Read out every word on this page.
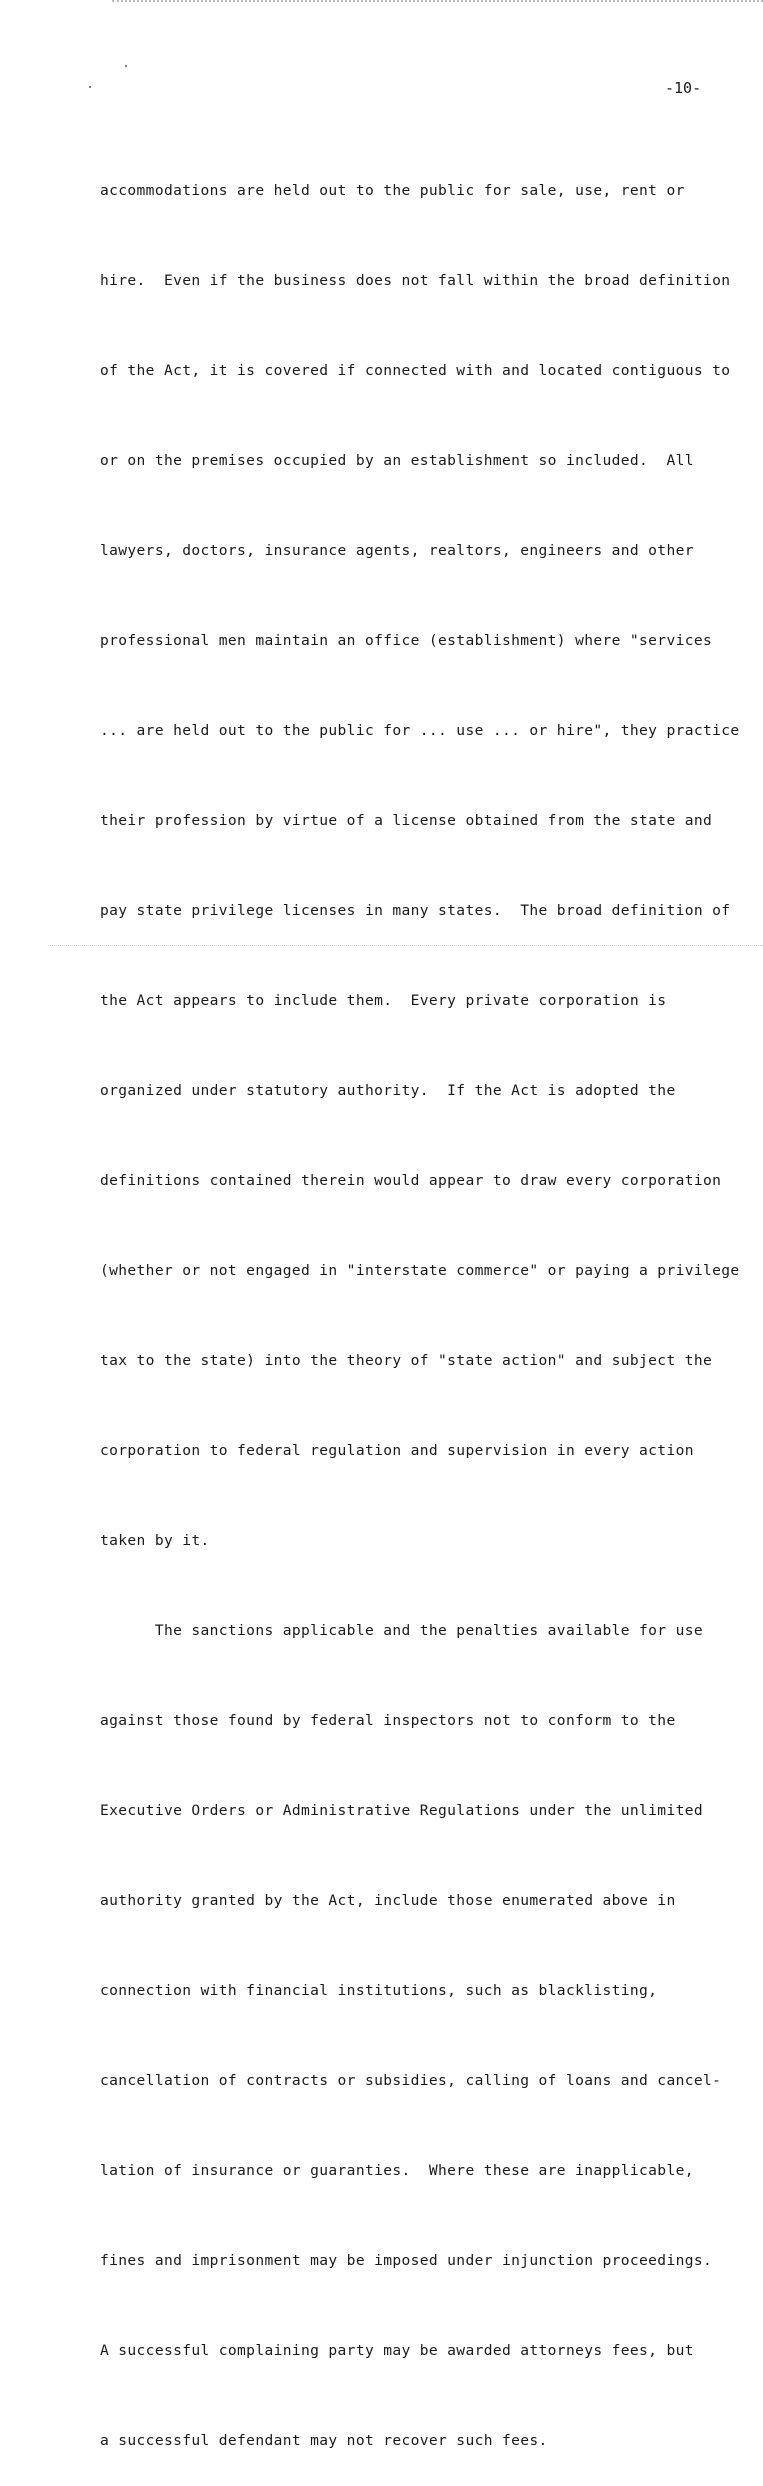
-10-

accommodations are held out to the public for sale, use, rent or

hire.  Even if the business does not fall within the broad definition

of the Act, it is covered if connected with and located contiguous to

or on the premises occupied by an establishment so included.  All

lawyers, doctors, insurance agents, realtors, engineers and other

professional men maintain an office (establishment) where "services

... are held out to the public for ... use ... or hire", they practice

their profession by virtue of a license obtained from the state and

pay state privilege licenses in many states.  The broad definition of

the Act appears to include them.  Every private corporation is

organized under statutory authority.  If the Act is adopted the

definitions contained therein would appear to draw every corporation

(whether or not engaged in "interstate commerce" or paying a privilege

tax to the state) into the theory of "state action" and subject the

corporation to federal regulation and supervision in every action

taken by it.

The sanctions applicable and the penalties available for use

against those found by federal inspectors not to conform to the

Executive Orders or Administrative Regulations under the unlimited

authority granted by the Act, include those enumerated above in

connection with financial institutions, such as blacklisting,

cancellation of contracts or subsidies, calling of loans and cancel-

lation of insurance or guaranties.  Where these are inapplicable,

fines and imprisonment may be imposed under injunction proceedings.

A successful complaining party may be awarded attorneys fees, but

a successful defendant may not recover such fees.
